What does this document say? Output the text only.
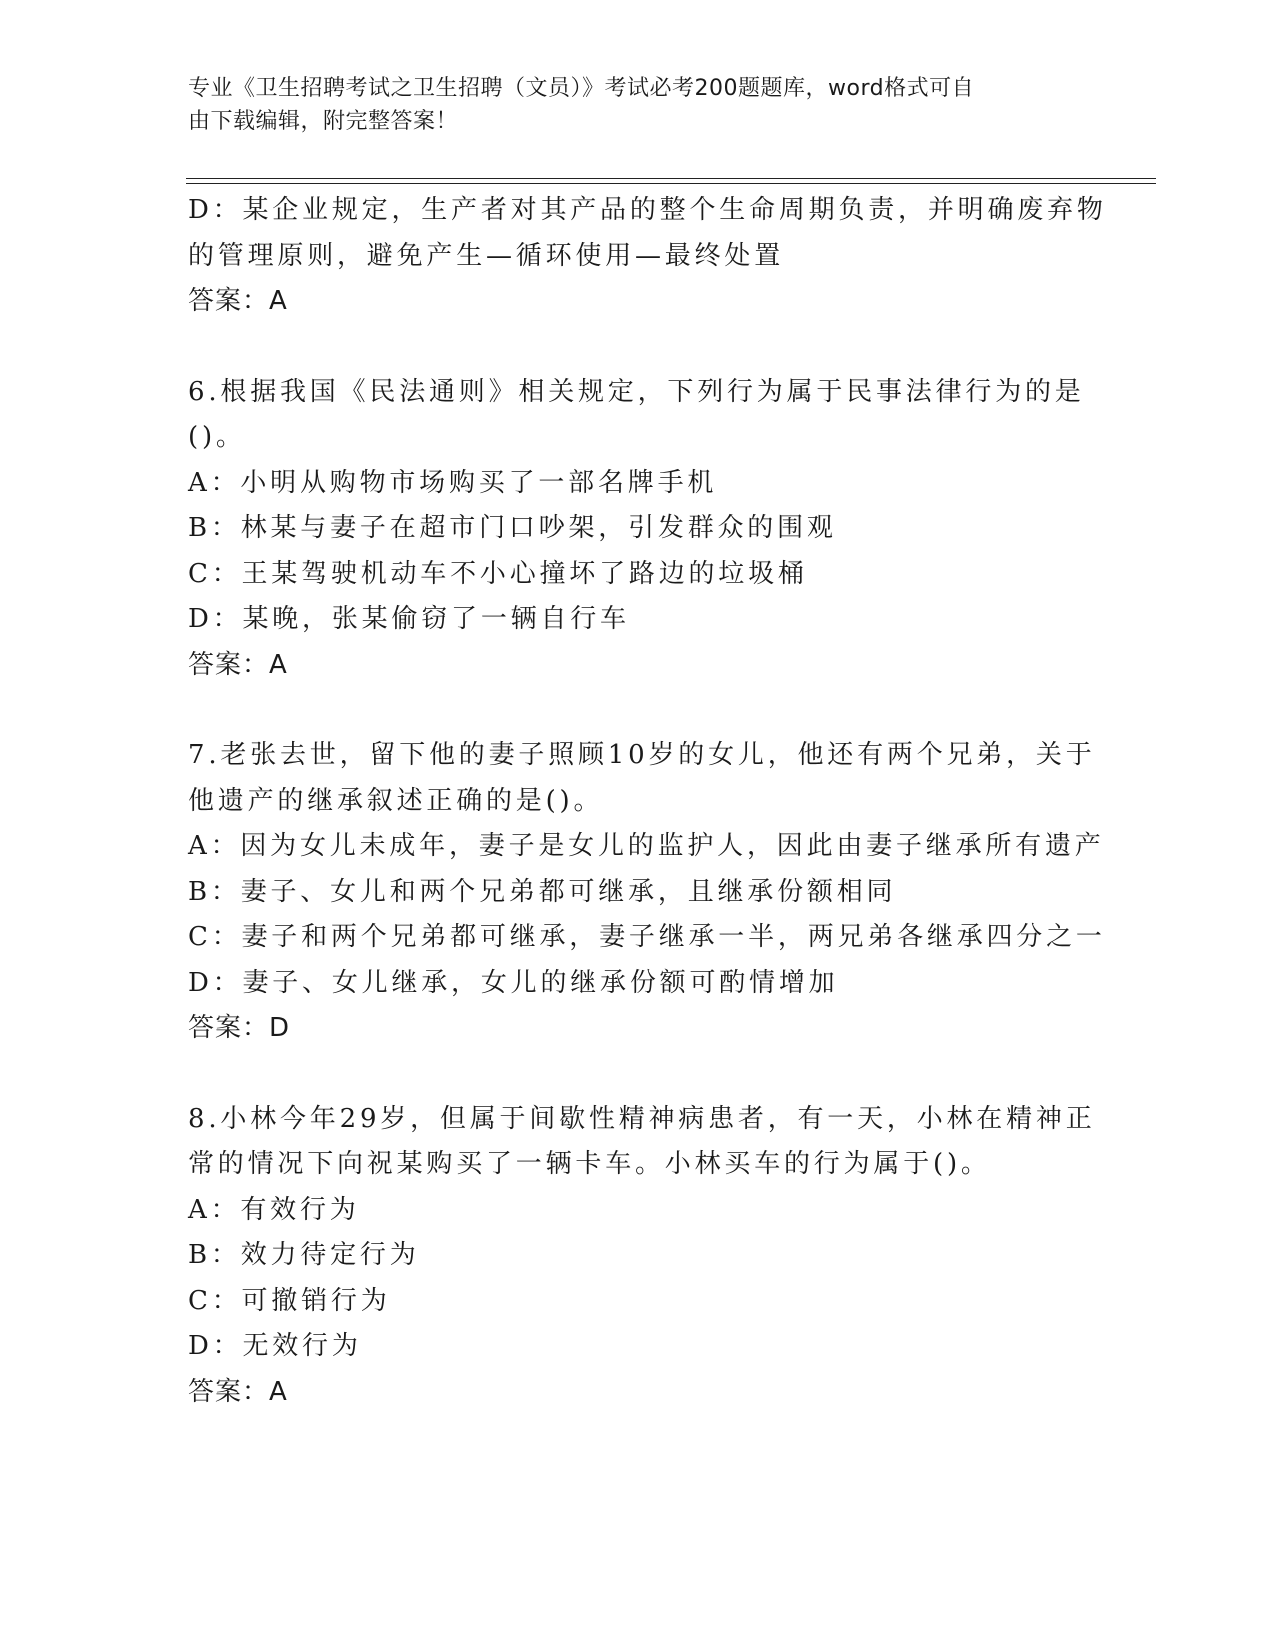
专业《卫生招聘考试之卫生招聘（文员）》考试必考200题题库，word格式可自
由下载编辑，附完整答案！
D：某企业规定，生产者对其产品的整个生命周期负责，并明确废弃物
的管理原则，避免产生—循环使用—最终处置
答案：A
6.根据我国《民法通则》相关规定，下列行为属于民事法律行为的是
()。
A：小明从购物市场购买了一部名牌手机
B：林某与妻子在超市门口吵架，引发群众的围观
C：王某驾驶机动车不小心撞坏了路边的垃圾桶
D：某晚，张某偷窃了一辆自行车
答案：A
7.老张去世，留下他的妻子照顾10岁的女儿，他还有两个兄弟，关于
他遗产的继承叙述正确的是()。
A：因为女儿未成年，妻子是女儿的监护人，因此由妻子继承所有遗产
B：妻子、女儿和两个兄弟都可继承，且继承份额相同
C：妻子和两个兄弟都可继承，妻子继承一半，两兄弟各继承四分之一
D：妻子、女儿继承，女儿的继承份额可酌情增加
答案：D
8.小林今年29岁，但属于间歇性精神病患者，有一天，小林在精神正
常的情况下向祝某购买了一辆卡车。小林买车的行为属于()。
A：有效行为
B：效力待定行为
C：可撤销行为
D：无效行为
答案：A
